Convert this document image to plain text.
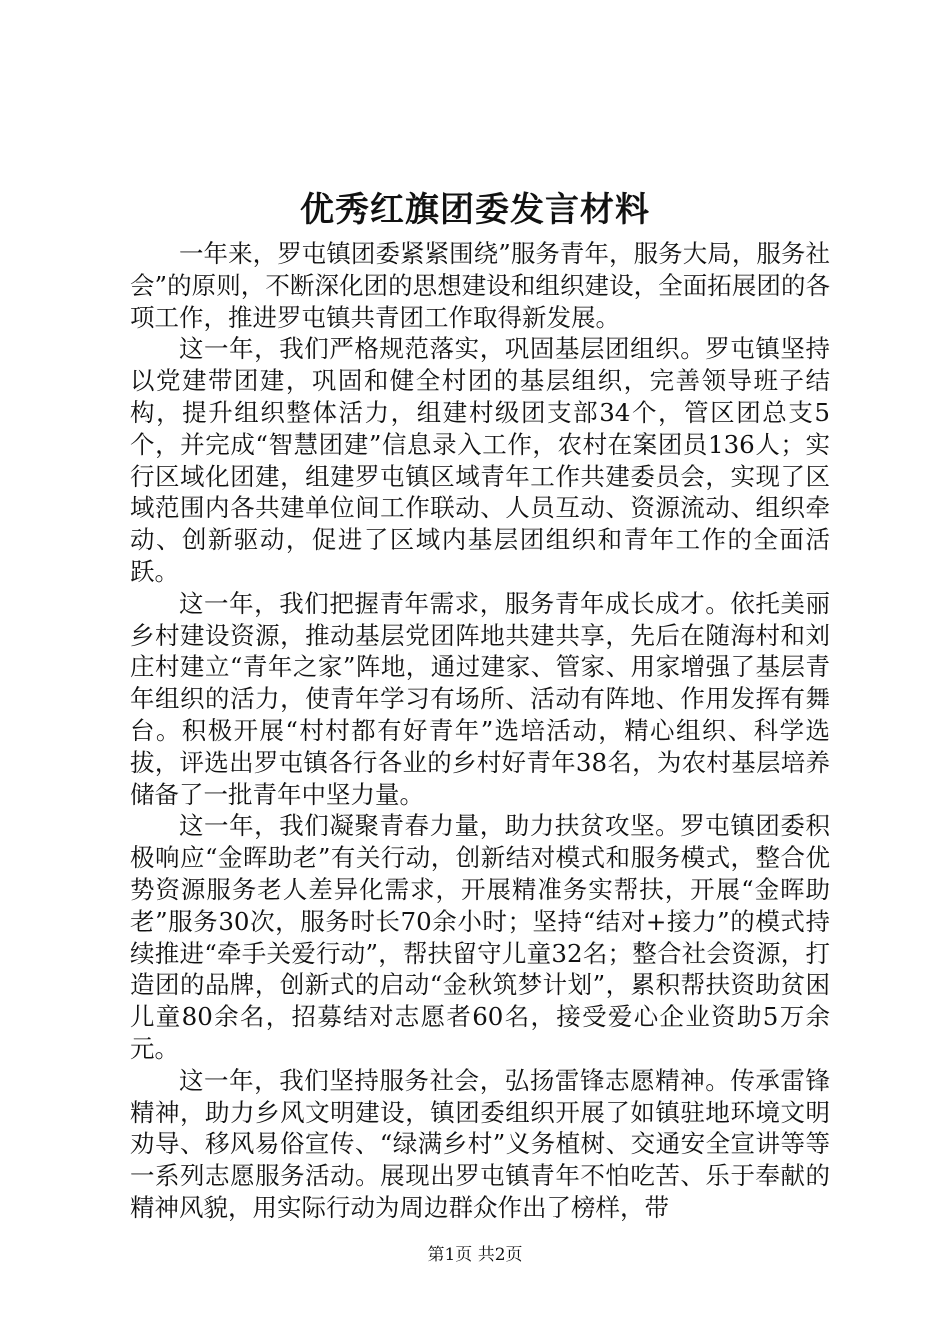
优秀红旗团委发言材料

一年来，罗屯镇团委紧紧围绕”服务青年，服务大局，服务社会”的原则，不断深化团的思想建设和组织建设，全面拓展团的各项工作，推进罗屯镇共青团工作取得新发展。

这一年，我们严格规范落实，巩固基层团组织。罗屯镇坚持以党建带团建，巩固和健全村团的基层组织，完善领导班子结构，提升组织整体活力，组建村级团支部34个，管区团总支5个，并完成“智慧团建”信息录入工作，农村在案团员136人；实行区域化团建，组建罗屯镇区域青年工作共建委员会，实现了区域范围内各共建单位间工作联动、人员互动、资源流动、组织牵动、创新驱动，促进了区域内基层团组织和青年工作的全面活跃。

这一年，我们把握青年需求，服务青年成长成才。依托美丽乡村建设资源，推动基层党团阵地共建共享，先后在随海村和刘庄村建立“青年之家”阵地，通过建家、管家、用家增强了基层青年组织的活力，使青年学习有场所、活动有阵地、作用发挥有舞台。积极开展“村村都有好青年”选培活动，精心组织、科学选拔，评选出罗屯镇各行各业的乡村好青年38名，为农村基层培养储备了一批青年中坚力量。

这一年，我们凝聚青春力量，助力扶贫攻坚。罗屯镇团委积极响应“金晖助老”有关行动，创新结对模式和服务模式，整合优势资源服务老人差异化需求，开展精准务实帮扶，开展“金晖助老”服务30次，服务时长70余小时；坚持“结对+接力”的模式持续推进“牵手关爱行动”，帮扶留守儿童32名；整合社会资源，打造团的品牌，创新式的启动“金秋筑梦计划”，累积帮扶资助贫困儿童80余名，招募结对志愿者60名，接受爱心企业资助5万余元。

这一年，我们坚持服务社会，弘扬雷锋志愿精神。传承雷锋精神，助力乡风文明建设，镇团委组织开展了如镇驻地环境文明劝导、移风易俗宣传、“绿满乡村”义务植树、交通安全宣讲等等一系列志愿服务活动。展现出罗屯镇青年不怕吃苦、乐于奉献的精神风貌，用实际行动为周边群众作出了榜样，带

第1页 共2页
